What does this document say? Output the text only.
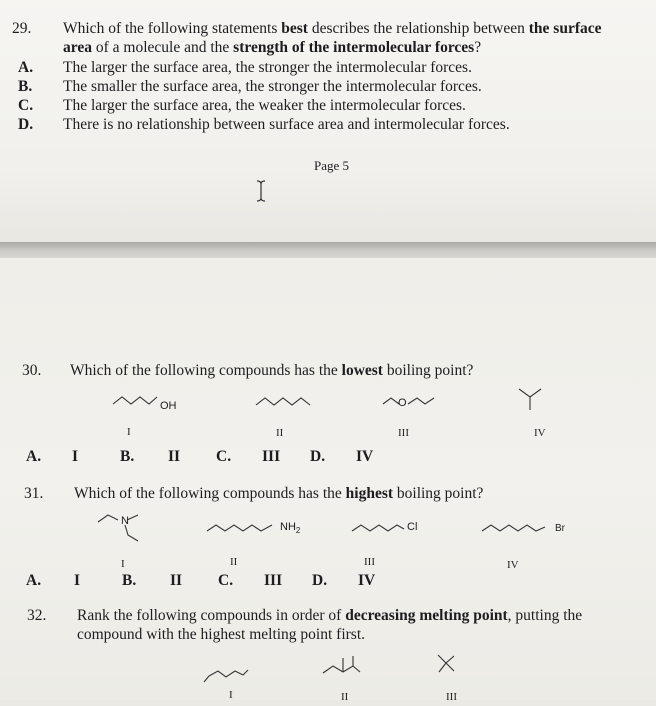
29. Which of the following statements best describes the relationship between the surface
area of a molecule and the strength of the intermolecular forces?
A. The larger the surface area, the stronger the intermolecular forces.
B. The smaller the surface area, the stronger the intermolecular forces.
C. The larger the surface area, the weaker the intermolecular forces.
D. There is no relationship between surface area and intermolecular forces.
Page 5
30. Which of the following compounds has the lowest boiling point?
OH	O
I	II	III	IV
A. I	B. II C. III D. IV
31. Which of the following compounds has the highest boiling point?
N	$NH_2$	Cl	Br
I	II	III	IV
A. I	B. II C. III D. IV
32. Rank the following compounds in order of decreasing melting point, putting the
compound with the highest melting point first.
I	II	III
